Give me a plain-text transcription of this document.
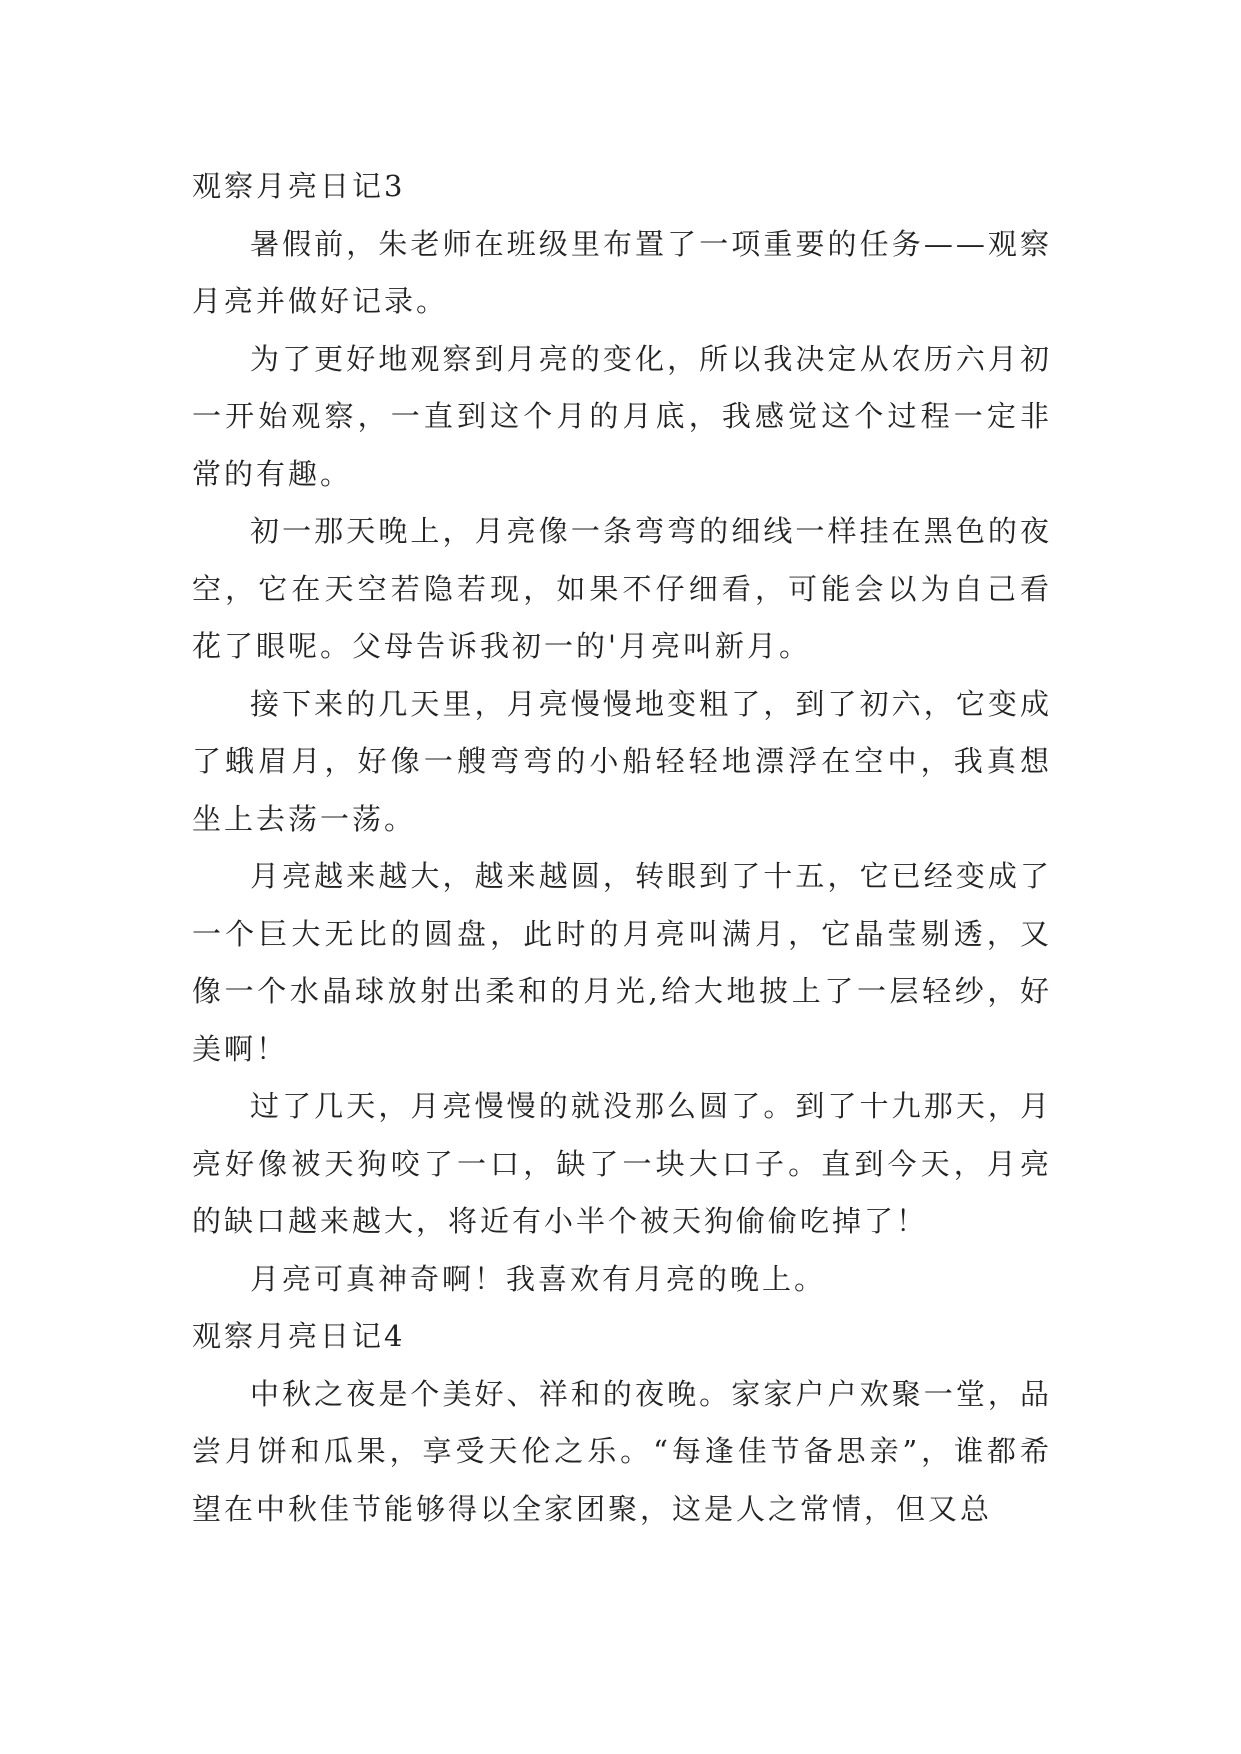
观察月亮日记3

暑假前，朱老师在班级里布置了一项重要的任务——观察月亮并做好记录。

为了更好地观察到月亮的变化，所以我决定从农历六月初一开始观察，一直到这个月的月底，我感觉这个过程一定非常的有趣。

初一那天晚上，月亮像一条弯弯的细线一样挂在黑色的夜空，它在天空若隐若现，如果不仔细看，可能会以为自己看花了眼呢。父母告诉我初一的'月亮叫新月。

接下来的几天里，月亮慢慢地变粗了，到了初六，它变成了蛾眉月，好像一艘弯弯的小船轻轻地漂浮在空中，我真想坐上去荡一荡。

月亮越来越大，越来越圆，转眼到了十五，它已经变成了一个巨大无比的圆盘，此时的月亮叫满月，它晶莹剔透，又像一个水晶球放射出柔和的月光,给大地披上了一层轻纱，好美啊！

过了几天，月亮慢慢的就没那么圆了。到了十九那天，月亮好像被天狗咬了一口，缺了一块大口子。直到今天，月亮的缺口越来越大，将近有小半个被天狗偷偷吃掉了！

月亮可真神奇啊！我喜欢有月亮的晚上。

观察月亮日记4

中秋之夜是个美好、祥和的夜晚。家家户户欢聚一堂，品尝月饼和瓜果，享受天伦之乐。“每逢佳节备思亲”，谁都希望在中秋佳节能够得以全家团聚，这是人之常情，但又总
